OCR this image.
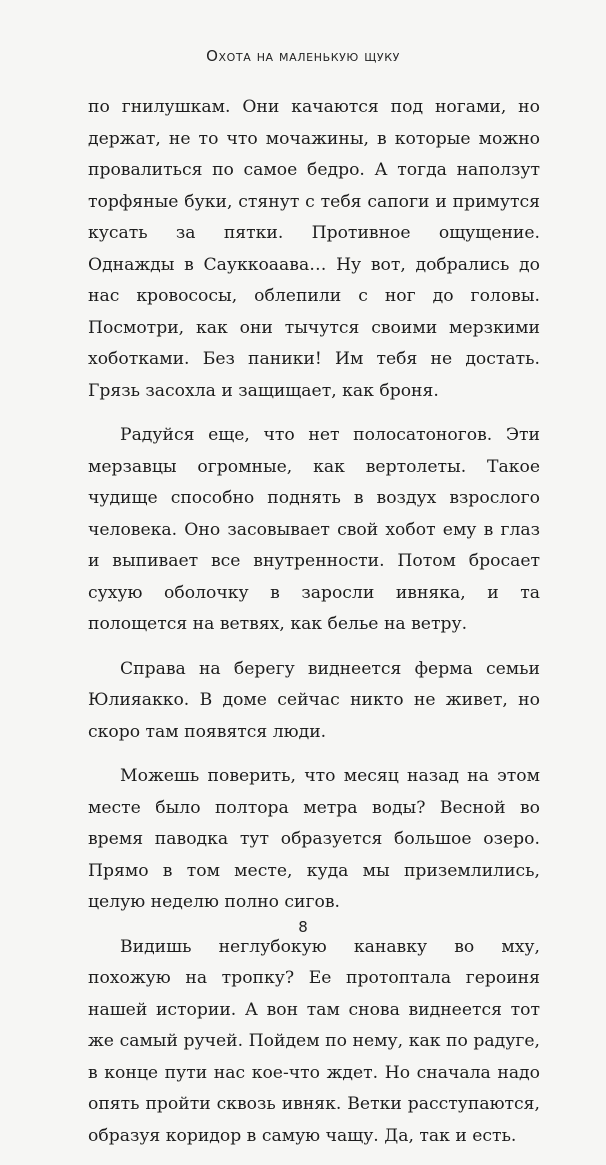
Охота на маленькую щуку

по гнилушкам. Они качаются под ногами, но держат, не то что мочажины, в которые можно провалиться по самое бедро. А тогда наползут торфяные буки, стянут с тебя сапоги и примутся кусать за пятки. Противное ощущение. Однажды в Сауккоаава… Ну вот, добрались до нас кровососы, облепили с ног до головы. Посмотри, как они тычутся своими мерзкими хоботками. Без паники! Им тебя не достать. Грязь засохла и защищает, как броня.

Радуйся еще, что нет полосатоногов. Эти мерзавцы огромные, как вертолеты. Такое чудище способно поднять в воздух взрослого человека. Оно засовывает свой хобот ему в глаз и выпивает все внутренности. Потом бросает сухую оболочку в заросли ивняка, и та полощется на ветвях, как белье на ветру.

Справа на берегу виднеется ферма семьи Юлияакко. В доме сейчас никто не живет, но скоро там появятся люди.

Можешь поверить, что месяц назад на этом месте было полтора метра воды? Весной во время паводка тут образуется большое озеро. Прямо в том месте, куда мы приземлились, целую неделю полно сигов.

Видишь неглубокую канавку во мху, похожую на тропку? Ее протоптала героиня нашей истории. А вон там снова виднеется тот же самый ручей. Пойдем по нему, как по радуге, в конце пути нас кое-что ждет. Но сначала надо опять пройти сквозь ивняк. Ветки расступаются, образуя коридор в самую чащу. Да, так и есть.

8
